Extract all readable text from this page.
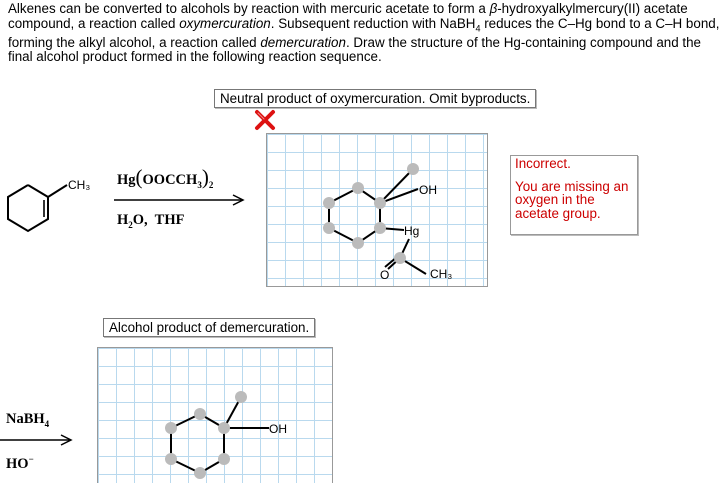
Alkenes can be converted to alcohols by reaction with mercuric acetate to form a β-hydroxyalkylmercury(II) acetate compound, a reaction called oxymercuration. Subsequent reduction with NaBH$_4$ reduces the C–Hg bond to a C–H bond, forming the alkyl alcohol, a reaction called demercuration. Draw the structure of the Hg-containing compound and the final alcohol product formed in the following reaction sequence.
CH₃ $Hg(OOCCH_3)_2$
$H_2O$,  THF
Neutral product of oxymercuration. Omit byproducts.
OH
Hg
O	CH₃
Incorrect.
You are missing an oxygen in the acetate group.
Alcohol product of demercuration.
OH
NaBH$_4$
HO−
